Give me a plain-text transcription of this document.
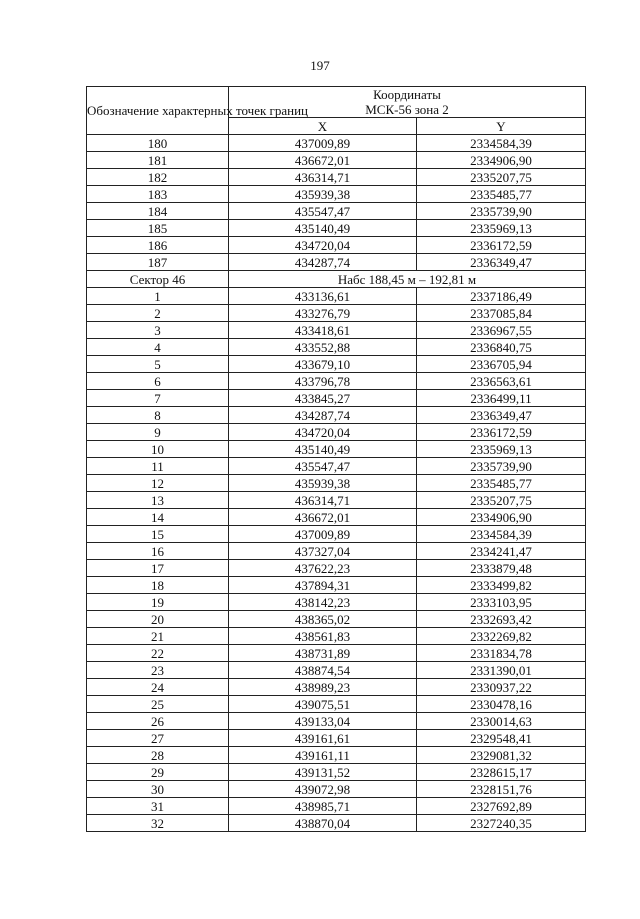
197
Обозначение характерных точек границ	Координаты
МСК-56 зона 2	

	X	Y
180	437009,89	2334584,39
181	436672,01	2334906,90
182	436314,71	2335207,75
183	435939,38	2335485,77
184	435547,47	2335739,90
185	435140,49	2335969,13
186	434720,04	2336172,59
187	434287,74	2336349,47
Сектор 46	Набс 188,45 м – 192,81 м	
1	433136,61	2337186,49
2	433276,79	2337085,84
3	433418,61	2336967,55
4	433552,88	2336840,75
5	433679,10	2336705,94
6	433796,78	2336563,61
7	433845,27	2336499,11
8	434287,74	2336349,47
9	434720,04	2336172,59
10	435140,49	2335969,13
11	435547,47	2335739,90
12	435939,38	2335485,77
13	436314,71	2335207,75
14	436672,01	2334906,90
15	437009,89	2334584,39
16	437327,04	2334241,47
17	437622,23	2333879,48
18	437894,31	2333499,82
19	438142,23	2333103,95
20	438365,02	2332693,42
21	438561,83	2332269,82
22	438731,89	2331834,78
23	438874,54	2331390,01
24	438989,23	2330937,22
25	439075,51	2330478,16
26	439133,04	2330014,63
27	439161,61	2329548,41
28	439161,11	2329081,32
29	439131,52	2328615,17
30	439072,98	2328151,76
31	438985,71	2327692,89
32	438870,04	2327240,35
